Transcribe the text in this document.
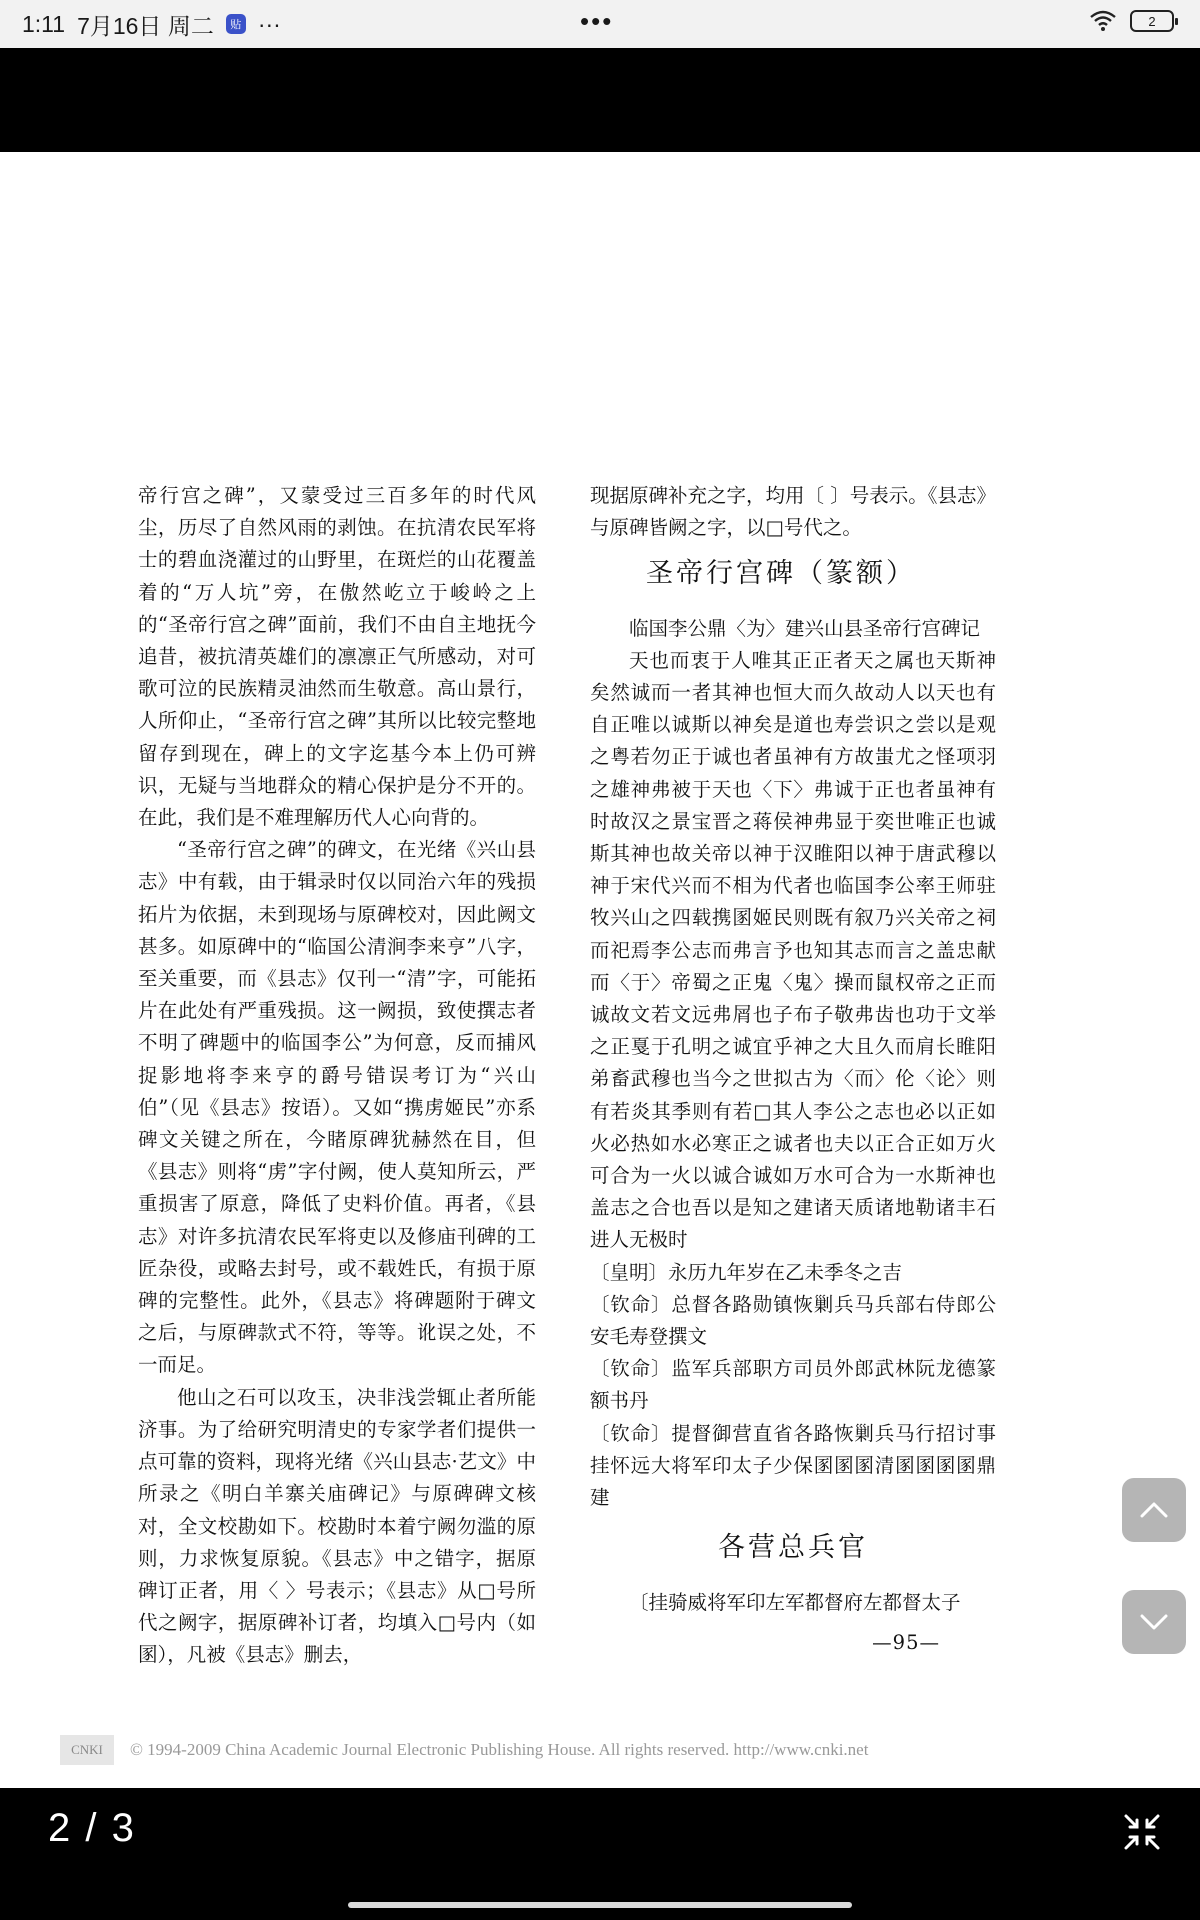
1:11 7月16日 周二	贴 ···	•••	2

帝行宫之碑”，又蒙受过三百多年的时代风尘，历尽了自然风雨的剥蚀。在抗清农民军将士的碧血浇灌过的山野里，在斑烂的山花覆盖着的“万人坑”旁，在傲然屹立于峻岭之上的“圣帝行宫之碑”面前，我们不由自主地抚今追昔，被抗清英雄们的凛凛正气所感动，对可歌可泣的民族精灵油然而生敬意。高山景行，人所仰止，“圣帝行宫之碑”其所以比较完整地留存到现在，碑上的文字迄基今本上仍可辨识，无疑与当地群众的精心保护是分不开的。在此，我们是不难理解历代人心向背的。

“圣帝行宫之碑”的碑文，在光绪《兴山县志》中有载，由于辑录时仅以同治六年的残损拓片为依据，未到现场与原碑校对，因此阙文甚多。如原碑中的“临国公清涧李来亨”八字，至关重要，而《县志》仅刊一“清”字，可能拓片在此处有严重残损。这一阙损，致使撰志者不明了碑题中的临国李公”为何意，反而捕风捉影地将李来亨的爵号错误考订为“兴山伯”（见《县志》按语）。又如“携虏姬民”亦系碑文关键之所在，今睹原碑犹赫然在目，但《县志》则将“虏”字付阙，使人莫知所云，严重损害了原意，降低了史料价值。再者，《县志》对许多抗清农民军将吏以及修庙刊碑的工匠杂役，或略去封号，或不载姓氏，有损于原碑的完整性。此外，《县志》将碑题附于碑文之后，与原碑款式不符，等等。讹误之处，不一而足。

他山之石可以攻玉，决非浅尝辄止者所能济事。为了给研究明清史的专家学者们提供一点可靠的资料，现将光绪《兴山县志·艺文》中所录之《明白羊寨关庙碑记》与原碑碑文核对，全文校勘如下。校勘时本着宁阙勿滥的原则，力求恢复原貌。《县志》中之错字，据原碑订正者，用〈 〉号表示；《县志》从□号所代之阙字，据原碑补订者，均填入□号内（如圂），凡被《县志》删去，

现据原碑补充之字，均用〔 〕号表示。《县志》与原碑皆阙之字，以□号代之。

圣帝行宫碑（篆额）

临国李公鼎〈为〉建兴山县圣帝行宫碑记

天也而衷于人唯其正正者天之属也天斯神矣然诚而一者其神也恒大而久故动人以天也有自正唯以诚斯以神矣是道也寿尝识之尝以是观之粤若勿正于诚也者虽神有方故蚩尤之怪项羽之雄神弗被于天也〈下〉弗诚于正也者虽神有时故汉之景宝晋之蒋侯神弗显于奕世唯正也诚斯其神也故关帝以神于汉睢阳以神于唐武穆以神于宋代兴而不相为代者也临国李公率王师驻牧兴山之四载携圂姬民则既有叙乃兴关帝之祠而祀焉李公志而弗言予也知其志而言之盖忠献而〈于〉帝蜀之正鬼〈鬼〉操而鼠权帝之正而诚故文若文远弗屑也子布子敬弗齿也功于文举之正戛于孔明之诚宜乎神之大且久而肩长睢阳弟畜武穆也当今之世拟古为〈而〉伦〈论〉则有若炎其季则有若□其人李公之志也必以正如火必热如水必寒正之诚者也夫以正合正如万火可合为一火以诚合诚如万水可合为一水斯神也盖志之合也吾以是知之建诸天质诸地勒诸丰石进人无极时

〔皇明〕永历九年岁在乙未季冬之吉

〔钦命〕总督各路勋镇恢剿兵马兵部右侍郎公安毛寿登撰文

〔钦命〕监军兵部职方司员外郎武林阮龙德篆额书丹

〔钦命〕提督御营直省各路恢剿兵马行招讨事挂怀远大将军印太子少保圂圂圂清圂圂圂圂鼎建

各营总兵官

〔挂骑威将军印左军都督府左都督太子

—95—
CNKI	© 1994-2009 China Academic Journal Electronic Publishing House. All rights reserved. http://www.cnki.net
2 / 3
